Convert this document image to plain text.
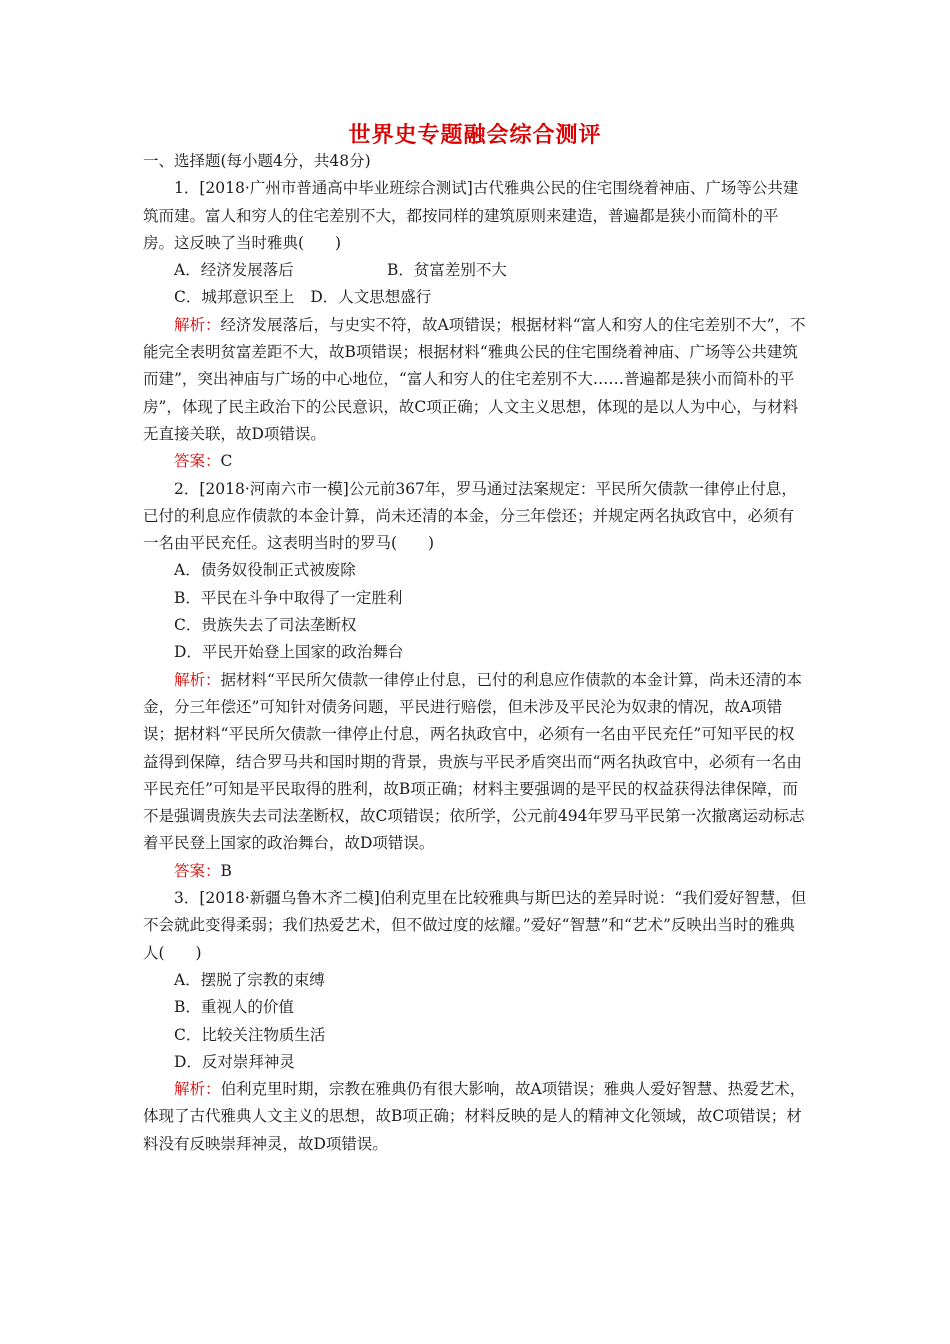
世界史专题融会综合测评

一、选择题(每小题4分，共48分)

1．[2018·广州市普通高中毕业班综合测试]古代雅典公民的住宅围绕着神庙、广场等公共建筑而建。富人和穷人的住宅差别不大，都按同样的建筑原则来建造，普遍都是狭小而简朴的平房。这反映了当时雅典(　　)

A．经济发展落后	B．贫富差别不大
C．城邦意识至上 D．人文思想盛行

解析：经济发展落后，与史实不符，故A项错误；根据材料“富人和穷人的住宅差别不大”，不能完全表明贫富差距不大，故B项错误；根据材料“雅典公民的住宅围绕着神庙、广场等公共建筑而建”，突出神庙与广场的中心地位，“富人和穷人的住宅差别不大……普遍都是狭小而简朴的平房”，体现了民主政治下的公民意识，故C项正确；人文主义思想，体现的是以人为中心，与材料无直接关联，故D项错误。

答案：C

2．[2018·河南六市一模]公元前367年，罗马通过法案规定：平民所欠债款一律停止付息，已付的利息应作债款的本金计算，尚未还清的本金，分三年偿还；并规定两名执政官中，必须有一名由平民充任。这表明当时的罗马(　　)

A．债务奴役制正式被废除
B．平民在斗争中取得了一定胜利
C．贵族失去了司法垄断权
D．平民开始登上国家的政治舞台

解析：据材料“平民所欠债款一律停止付息，已付的利息应作债款的本金计算，尚未还清的本金，分三年偿还”可知针对债务问题，平民进行赔偿，但未涉及平民沦为奴隶的情况，故A项错误；据材料“平民所欠债款一律停止付息，两名执政官中，必须有一名由平民充任”可知平民的权益得到保障，结合罗马共和国时期的背景，贵族与平民矛盾突出而“两名执政官中，必须有一名由平民充任”可知是平民取得的胜利，故B项正确；材料主要强调的是平民的权益获得法律保障，而不是强调贵族失去司法垄断权，故C项错误；依所学，公元前494年罗马平民第一次撤离运动标志着平民登上国家的政治舞台，故D项错误。

答案：B

3．[2018·新疆乌鲁木齐二模]伯利克里在比较雅典与斯巴达的差异时说：“我们爱好智慧，但不会就此变得柔弱；我们热爱艺术，但不做过度的炫耀。”爱好“智慧”和“艺术”反映出当时的雅典人(　　)

A．摆脱了宗教的束缚
B．重视人的价值
C．比较关注物质生活
D．反对崇拜神灵

解析：伯利克里时期，宗教在雅典仍有很大影响，故A项错误；雅典人爱好智慧、热爱艺术，体现了古代雅典人文主义的思想，故B项正确；材料反映的是人的精神文化领域，故C项错误；材料没有反映崇拜神灵，故D项错误。
